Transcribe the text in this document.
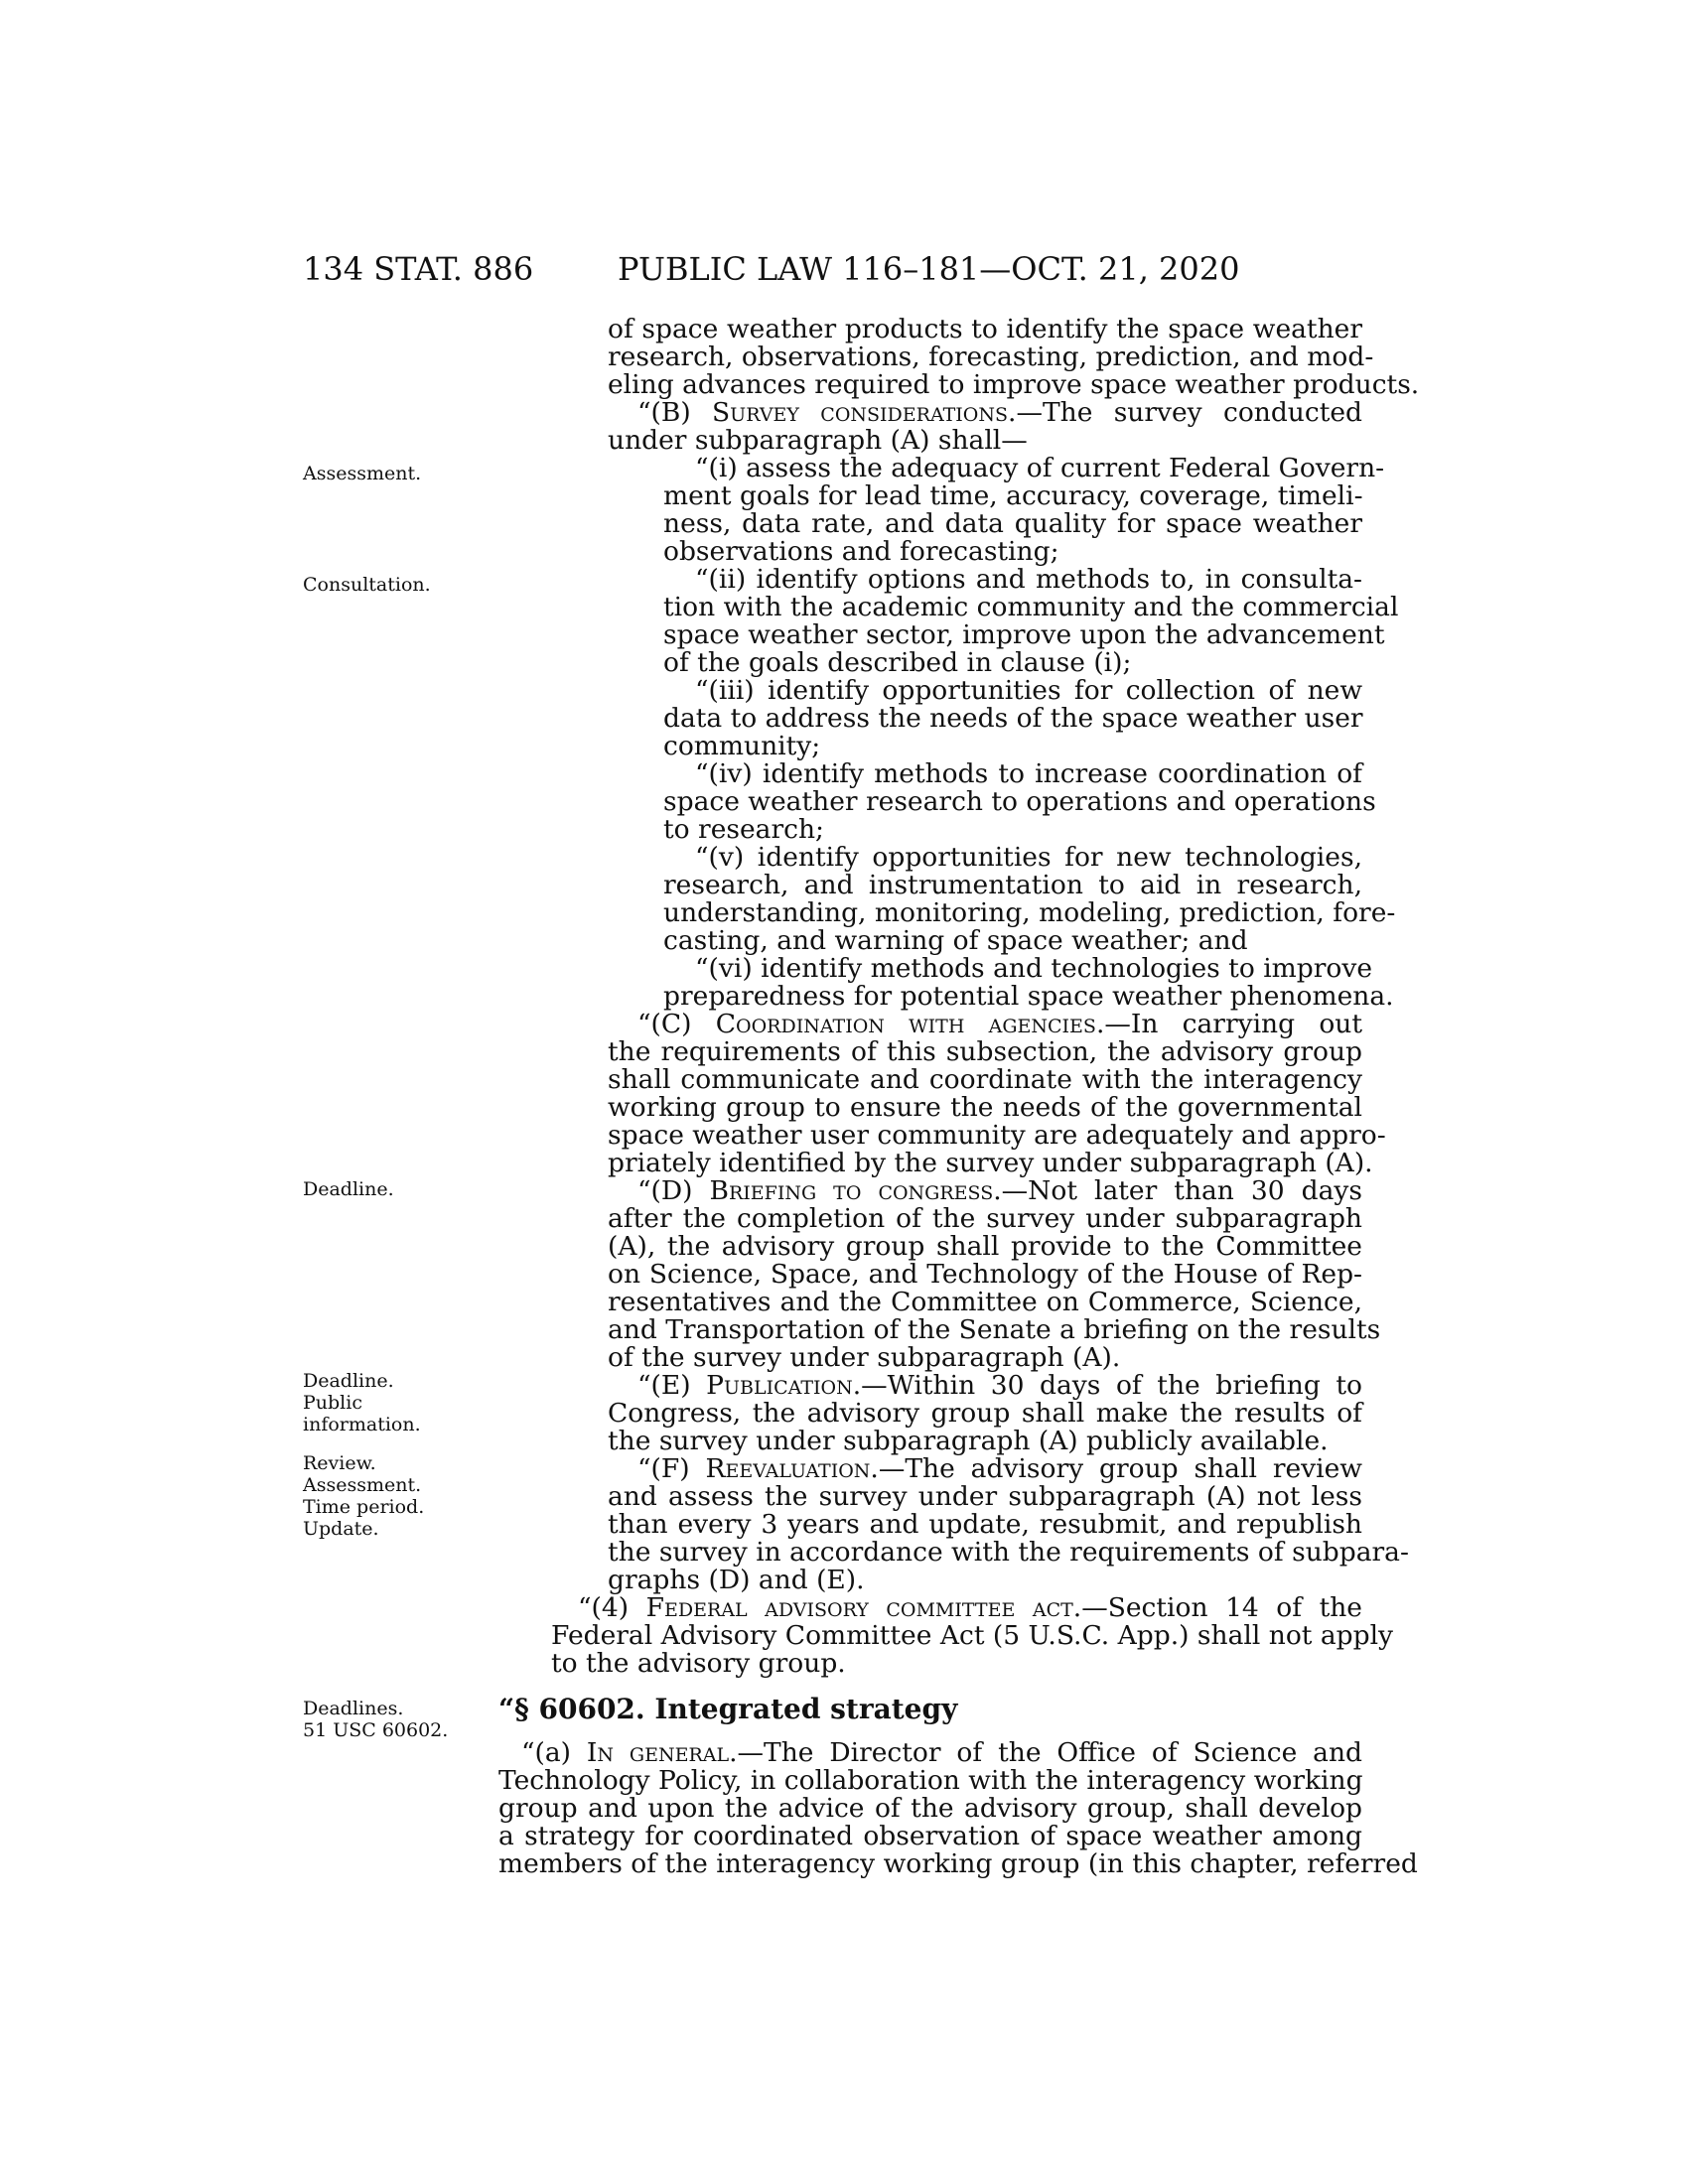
134 STAT. 886	PUBLIC LAW 116–181—OCT. 21, 2020
Assessment.
Consultation.
Deadline.
Deadline.
Public
information.
Review.
Assessment.
Time period.
Update.
Deadlines.
51 USC 60602.
of space weather products to identify the space weather
research, observations, forecasting, prediction, and mod-
eling advances required to improve space weather products.
“(B) Survey considerations.—The survey conducted
under subparagraph (A) shall—
“(i) assess the adequacy of current Federal Govern-
ment goals for lead time, accuracy, coverage, timeli-
ness, data rate, and data quality for space weather
observations and forecasting;
“(ii) identify options and methods to, in consulta-
tion with the academic community and the commercial
space weather sector, improve upon the advancement
of the goals described in clause (i);
“(iii) identify opportunities for collection of new
data to address the needs of the space weather user
community;
“(iv) identify methods to increase coordination of
space weather research to operations and operations
to research;
“(v) identify opportunities for new technologies,
research, and instrumentation to aid in research,
understanding, monitoring, modeling, prediction, fore-
casting, and warning of space weather; and
“(vi) identify methods and technologies to improve
preparedness for potential space weather phenomena.
“(C) Coordination with agencies.—In carrying out
the requirements of this subsection, the advisory group
shall communicate and coordinate with the interagency
working group to ensure the needs of the governmental
space weather user community are adequately and appro-
priately identified by the survey under subparagraph (A).
“(D) Briefing to congress.—Not later than 30 days
after the completion of the survey under subparagraph
(A), the advisory group shall provide to the Committee
on Science, Space, and Technology of the House of Rep-
resentatives and the Committee on Commerce, Science,
and Transportation of the Senate a briefing on the results
of the survey under subparagraph (A).
“(E) Publication.—Within 30 days of the briefing to
Congress, the advisory group shall make the results of
the survey under subparagraph (A) publicly available.
“(F) Reevaluation.—The advisory group shall review
and assess the survey under subparagraph (A) not less
than every 3 years and update, resubmit, and republish
the survey in accordance with the requirements of subpara-
graphs (D) and (E).
“(4) Federal advisory committee act.—Section 14 of the
Federal Advisory Committee Act (5 U.S.C. App.) shall not apply
to the advisory group.
“§ 60602. Integrated strategy
“(a) In general.—The Director of the Office of Science and
Technology Policy, in collaboration with the interagency working
group and upon the advice of the advisory group, shall develop
a strategy for coordinated observation of space weather among
members of the interagency working group (in this chapter, referred
